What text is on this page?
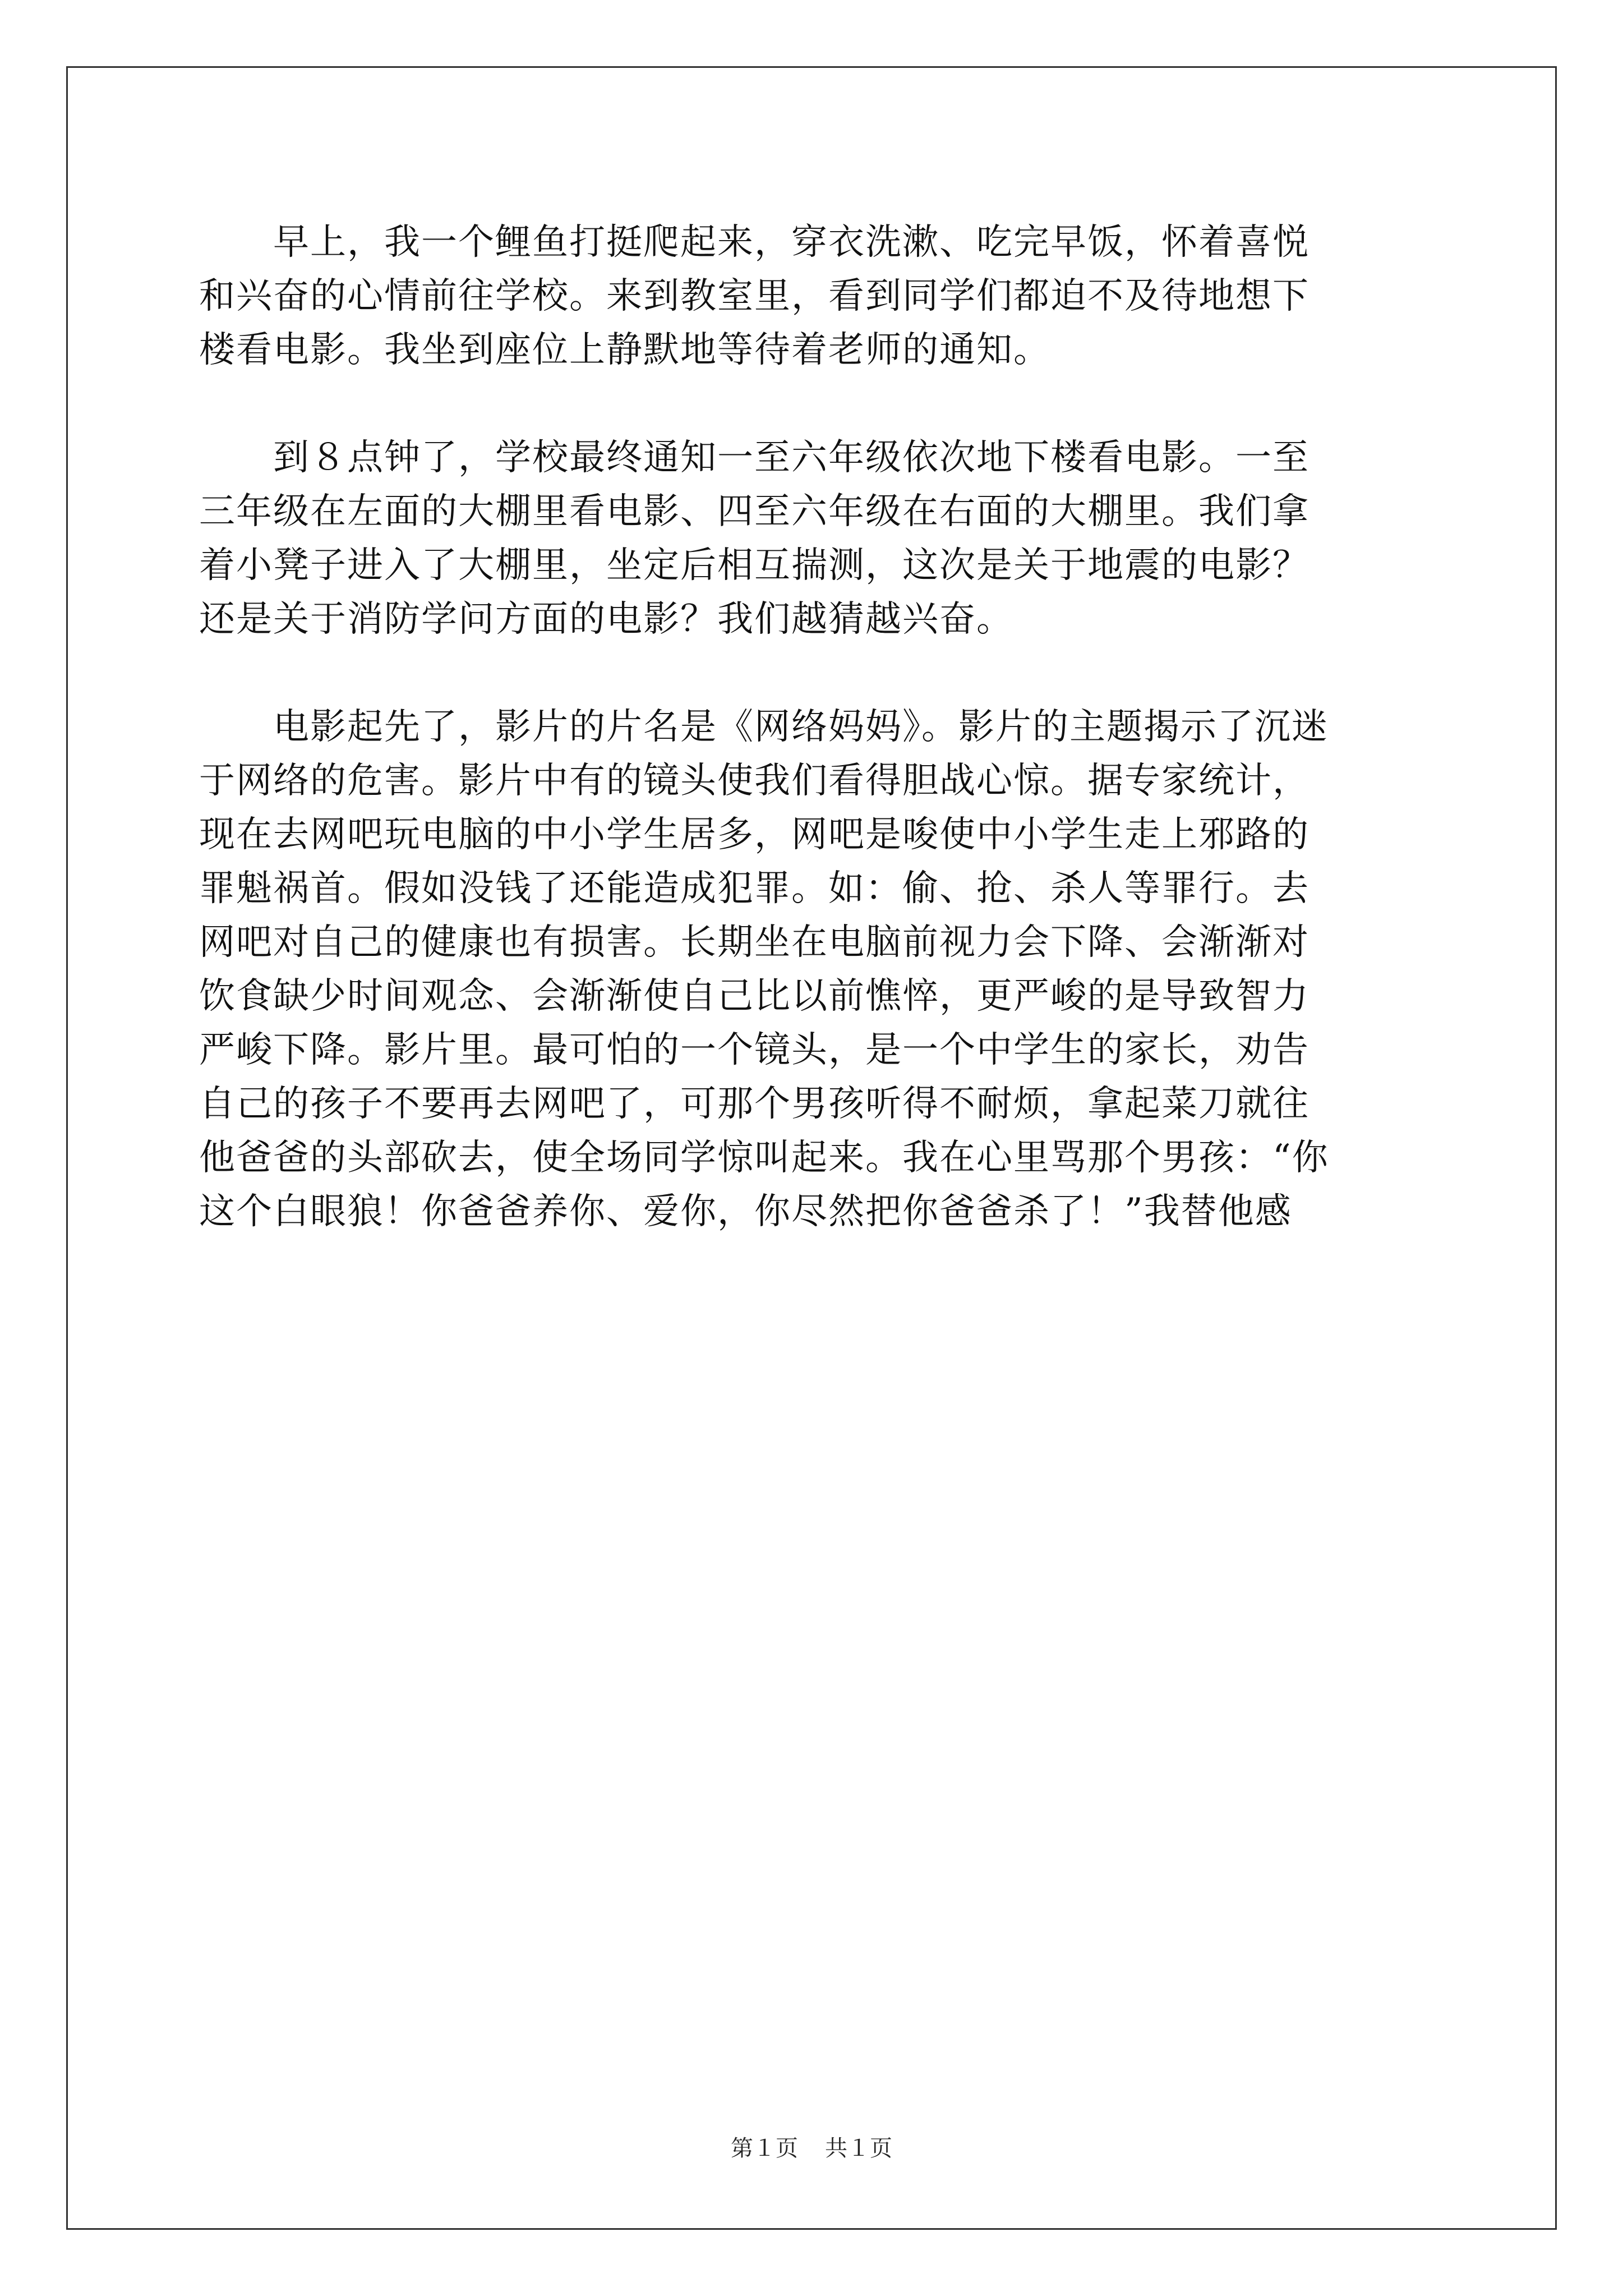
　　早上，我一个鲤鱼打挺爬起来，穿衣洗漱、吃完早饭，怀着喜悦

和兴奋的心情前往学校。来到教室里，看到同学们都迫不及待地想下

楼看电影。我坐到座位上静默地等待着老师的通知。

　　到８点钟了，学校最终通知一至六年级依次地下楼看电影。一至

三年级在左面的大棚里看电影、四至六年级在右面的大棚里。我们拿

着小凳子进入了大棚里，坐定后相互揣测，这次是关于地震的电影？

还是关于消防学问方面的电影？我们越猜越兴奋。

　　电影起先了，影片的片名是《网络妈妈》。影片的主题揭示了沉迷

于网络的危害。影片中有的镜头使我们看得胆战心惊。据专家统计，

现在去网吧玩电脑的中小学生居多，网吧是唆使中小学生走上邪路的

罪魁祸首。假如没钱了还能造成犯罪。如：偷、抢、杀人等罪行。去

网吧对自己的健康也有损害。长期坐在电脑前视力会下降、会渐渐对

饮食缺少时间观念、会渐渐使自己比以前憔悴，更严峻的是导致智力

严峻下降。影片里。最可怕的一个镜头，是一个中学生的家长，劝告

自己的孩子不要再去网吧了，可那个男孩听得不耐烦，拿起菜刀就往

他爸爸的头部砍去，使全场同学惊叫起来。我在心里骂那个男孩：“你

这个白眼狼！你爸爸养你、爱你，你尽然把你爸爸杀了！”我替他感

第１页 共１页
